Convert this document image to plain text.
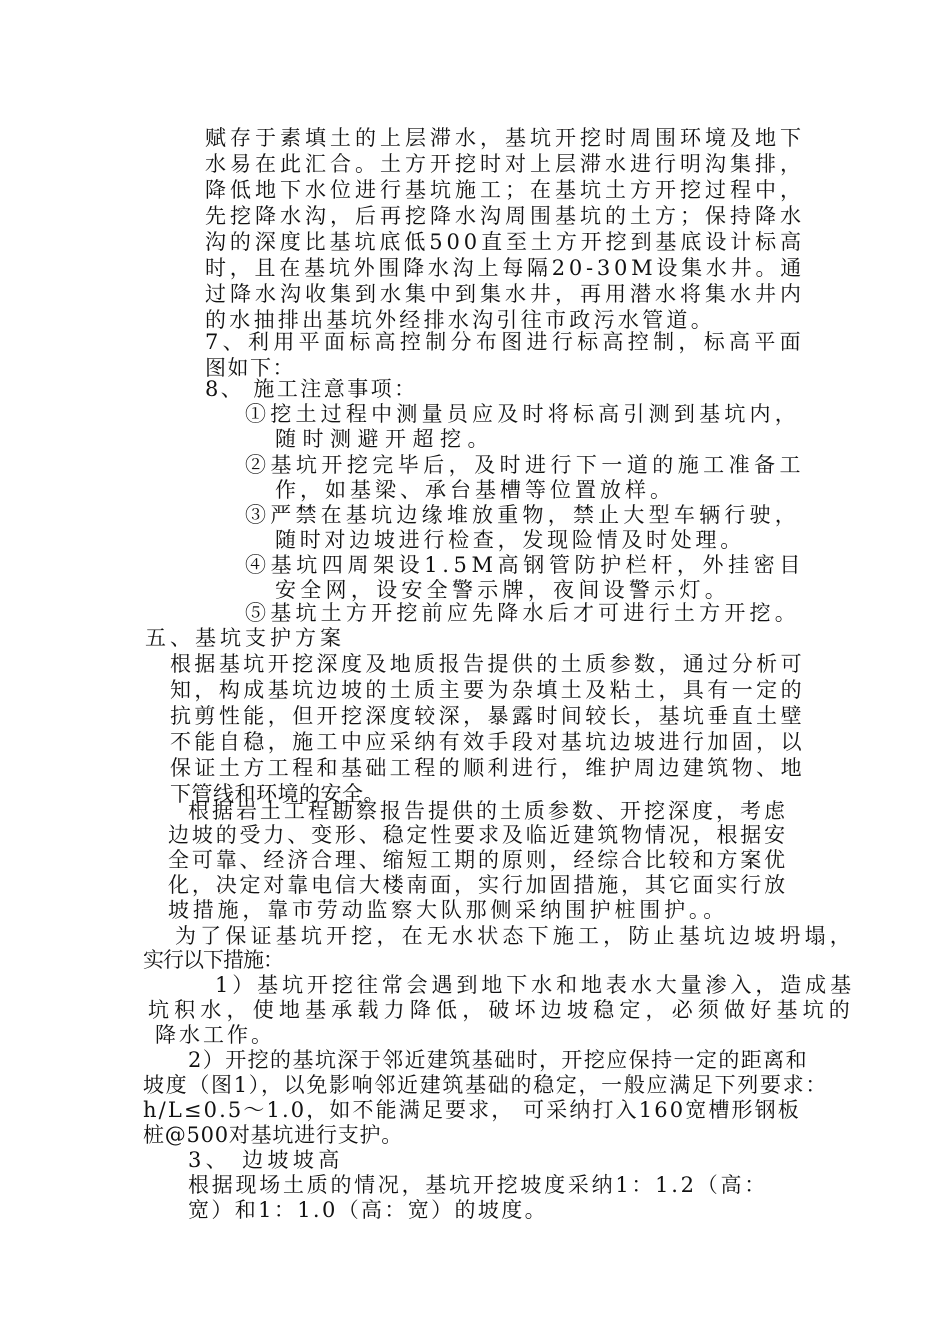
赋存于素填土的上层滞水，基坑开挖时周围环境及地下
水易在此汇合。土方开挖时对上层滞水进行明沟集排，
降低地下水位进行基坑施工；在基坑土方开挖过程中，
先挖降水沟，后再挖降水沟周围基坑的土方；保持降水
沟的深度比基坑底低500直至土方开挖到基底设计标高
时，且在基坑外围降水沟上每隔20-30M设集水井。通
过降水沟收集到水集中到集水井，再用潜水将集水井内
的水抽排出基坑外经排水沟引往市政污水管道。
7、利用平面标高控制分布图进行标高控制，标高平面
图如下：
8、 施工注意事项：
①挖土过程中测量员应及时将标高引测到基坑内，
随时测避开超挖。
②基坑开挖完毕后，及时进行下一道的施工准备工
作，如基梁、承台基槽等位置放样。
③严禁在基坑边缘堆放重物，禁止大型车辆行驶，
随时对边坡进行检查，发现险情及时处理。
④基坑四周架设1.5M高钢管防护栏杆，外挂密目
安全网，设安全警示牌，夜间设警示灯。
⑤基坑土方开挖前应先降水后才可进行土方开挖。
五、基坑支护方案
根据基坑开挖深度及地质报告提供的土质参数，通过分析可
知，构成基坑边坡的土质主要为杂填土及粘土，具有一定的
抗剪性能，但开挖深度较深，暴露时间较长，基坑垂直土壁
不能自稳，施工中应采纳有效手段对基坑边坡进行加固，以
保证土方工程和基础工程的顺利进行，维护周边建筑物、地
下管线和环境的安全。
根据岩土工程勘察报告提供的土质参数、开挖深度，考虑
边坡的受力、变形、稳定性要求及临近建筑物情况，根据安
全可靠、经济合理、缩短工期的原则，经综合比较和方案优
化，决定对靠电信大楼南面，实行加固措施，其它面实行放
坡措施，靠市劳动监察大队那侧采纳围护桩围护。。
为了保证基坑开挖，在无水状态下施工，防止基坑边坡坍塌，
实行以下措施：
1）基坑开挖往常会遇到地下水和地表水大量渗入，造成基
坑积水，使地基承载力降低，破坏边坡稳定，必须做好基坑的
降水工作。
2）开挖的基坑深于邻近建筑基础时，开挖应保持一定的距离和
坡度（图1），以免影响邻近建筑基础的稳定，一般应满足下列要求：
h/L≤0.5～1.0，如不能满足要求， 可采纳打入160宽槽形钢板
桩@500对基坑进行支护。
3、 边坡坡高
根据现场土质的情况，基坑开挖坡度采纳1：1.2（高：
宽）和1：1.0（高：宽）的坡度。
